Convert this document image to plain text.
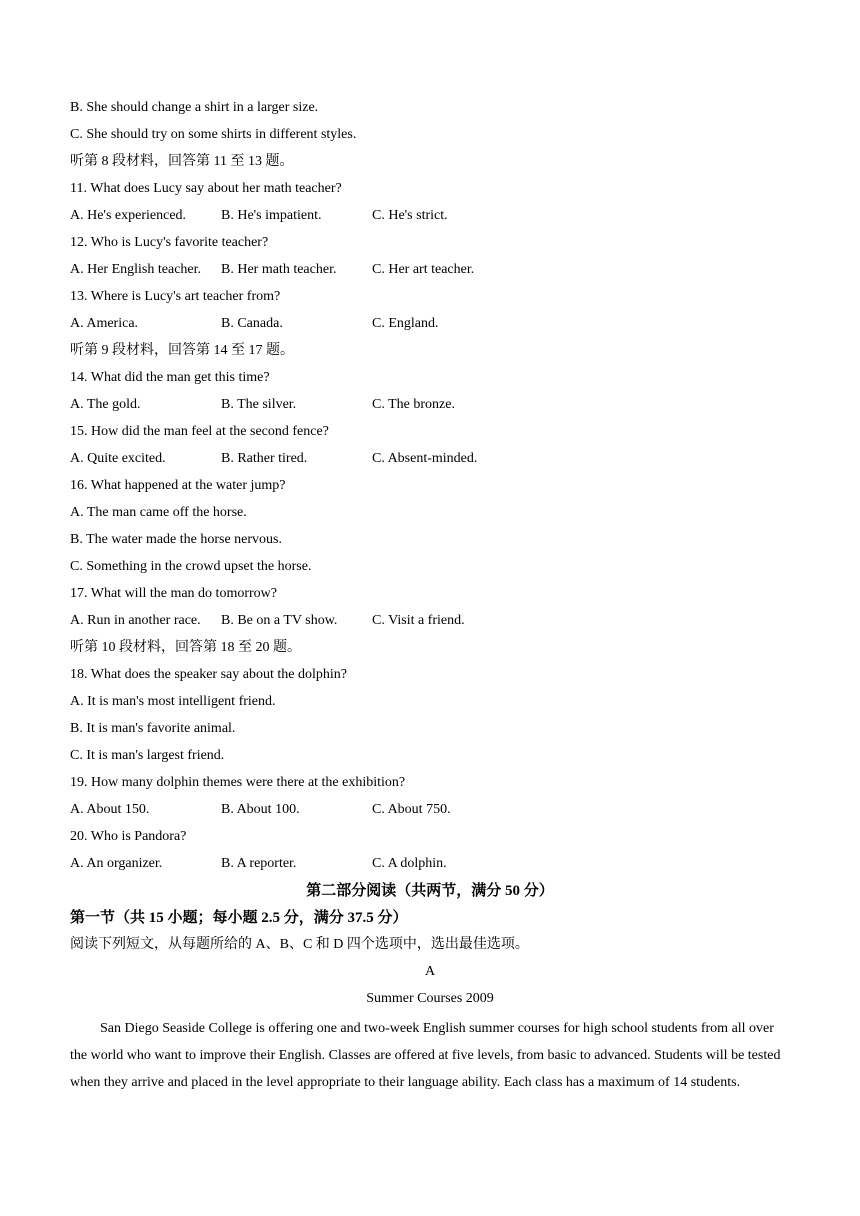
B. She should change a shirt in a larger size.
C. She should try on some shirts in different styles.
听第 8 段材料，回答第 11 至 13 题。
11. What does Lucy say about her math teacher?
A. He's experienced.	B. He's impatient.	C. He's strict.
12. Who is Lucy's favorite teacher?
A. Her English teacher.	B. Her math teacher.	C. Her art teacher.
13. Where is Lucy's art teacher from?
A. America.	B. Canada.	C. England.
听第 9 段材料，回答第 14 至 17 题。
14. What did the man get this time?
A. The gold.	B. The silver.	C. The bronze.
15. How did the man feel at the second fence?
A. Quite excited.	B. Rather tired.	C. Absent-minded.
16. What happened at the water jump?
A. The man came off the horse.
B. The water made the horse nervous.
C. Something in the crowd upset the horse.
17. What will the man do tomorrow?
A. Run in another race.	B. Be on a TV show.	C. Visit a friend.
听第 10 段材料，回答第 18 至 20 题。
18. What does the speaker say about the dolphin?
A. It is man's most intelligent friend.
B. It is man's favorite animal.
C. It is man's largest friend.
19. How many dolphin themes were there at the exhibition?
A. About 150.	B. About 100.	C. About 750.
20. Who is Pandora?
A. An organizer.	B. A reporter.	C. A dolphin.
第二部分阅读（共两节，满分 50 分）
第一节（共 15 小题；每小题 2.5 分，满分 37.5 分）
阅读下列短文，从每题所给的 A、B、C 和 D 四个选项中，选出最佳选项。
A
Summer Courses 2009

San Diego Seaside College is offering one and two-week English summer courses for high school students from all over the world who want to improve their English. Classes are offered at five levels, from basic to advanced. Students will be tested when they arrive and placed in the level appropriate to their language ability. Each class has a maximum of 14 students.
